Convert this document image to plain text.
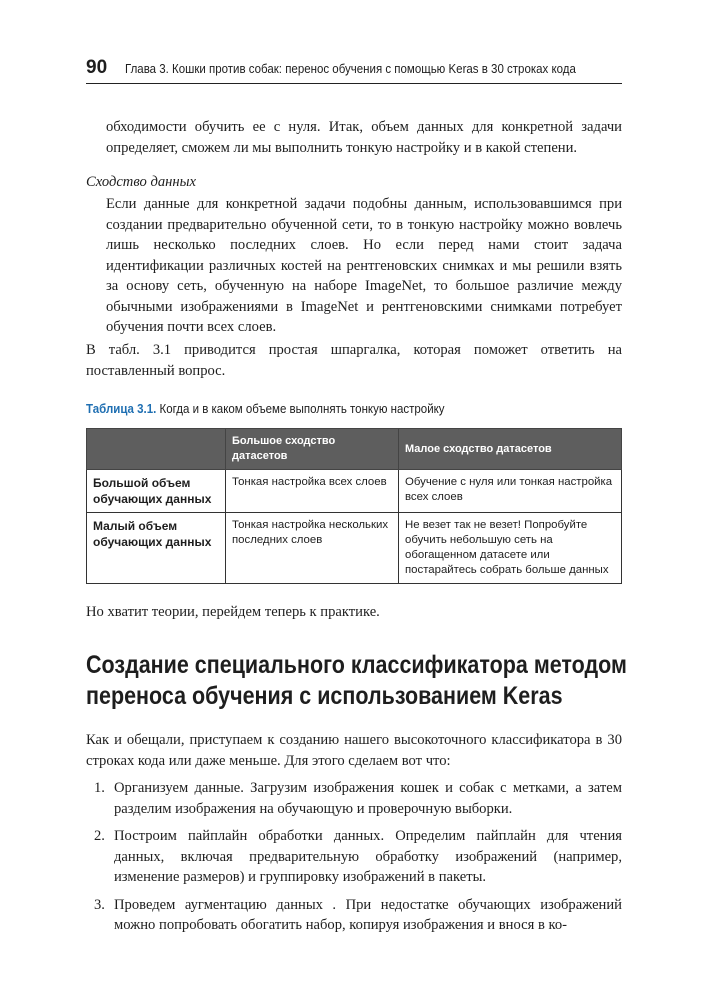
90 Глава 3. Кошки против собак: перенос обучения с помощью Keras в 30 строках кода

обходимости обучить ее с нуля. Итак, объем данных для конкретной задачи определяет, сможем ли мы выполнить тонкую настройку и в какой степени.

Сходство данных

Если данные для конкретной задачи подобны данным, использовавшимся при создании предварительно обученной сети, то в тонкую настройку можно вовлечь лишь несколько последних слоев. Но если перед нами стоит задача идентификации различных костей на рентгеновских снимках и мы решили взять за основу сеть, обученную на наборе ImageNet, то большое различие между обычными изображениями в ImageNet и рентгеновскими снимками потребует обучения почти всех слоев.

В табл. 3.1 приводится простая шпаргалка, которая поможет ответить на поставленный вопрос.

Таблица 3.1. Когда и в каком объеме выполнять тонкую настройку
	Большое сходство датасетов	Малое сходство датасетов
Большой объем обучающих данных	Тонкая настройка всех слоев	Обучение с нуля или тонкая настройка всех слоев
Малый объем обучающих данных	Тонкая настройка нескольких последних слоев	Не везет так не везет! Попробуйте обучить небольшую сеть на обогащенном датасете или постарайтесь собрать больше данных

Но хватит теории, перейдем теперь к практике.

Создание специального классификатора методом
переноса обучения с использованием Keras

Как и обещали, приступаем к созданию нашего высокоточного классификатора в 30 строках кода или даже меньше. Для этого сделаем вот что:

1. Организуем данные. Загрузим изображения кошек и собак с метками, а затем разделим изображения на обучающую и проверочную выборки.
2. Построим пайплайн обработки данных. Определим пайплайн для чтения данных, включая предварительную обработку изображений (например, изменение размеров) и группировку изображений в пакеты.
3. Проведем аугментацию данных . При недостатке обучающих изображений можно попробовать обогатить набор, копируя изображения и внося в ко-
